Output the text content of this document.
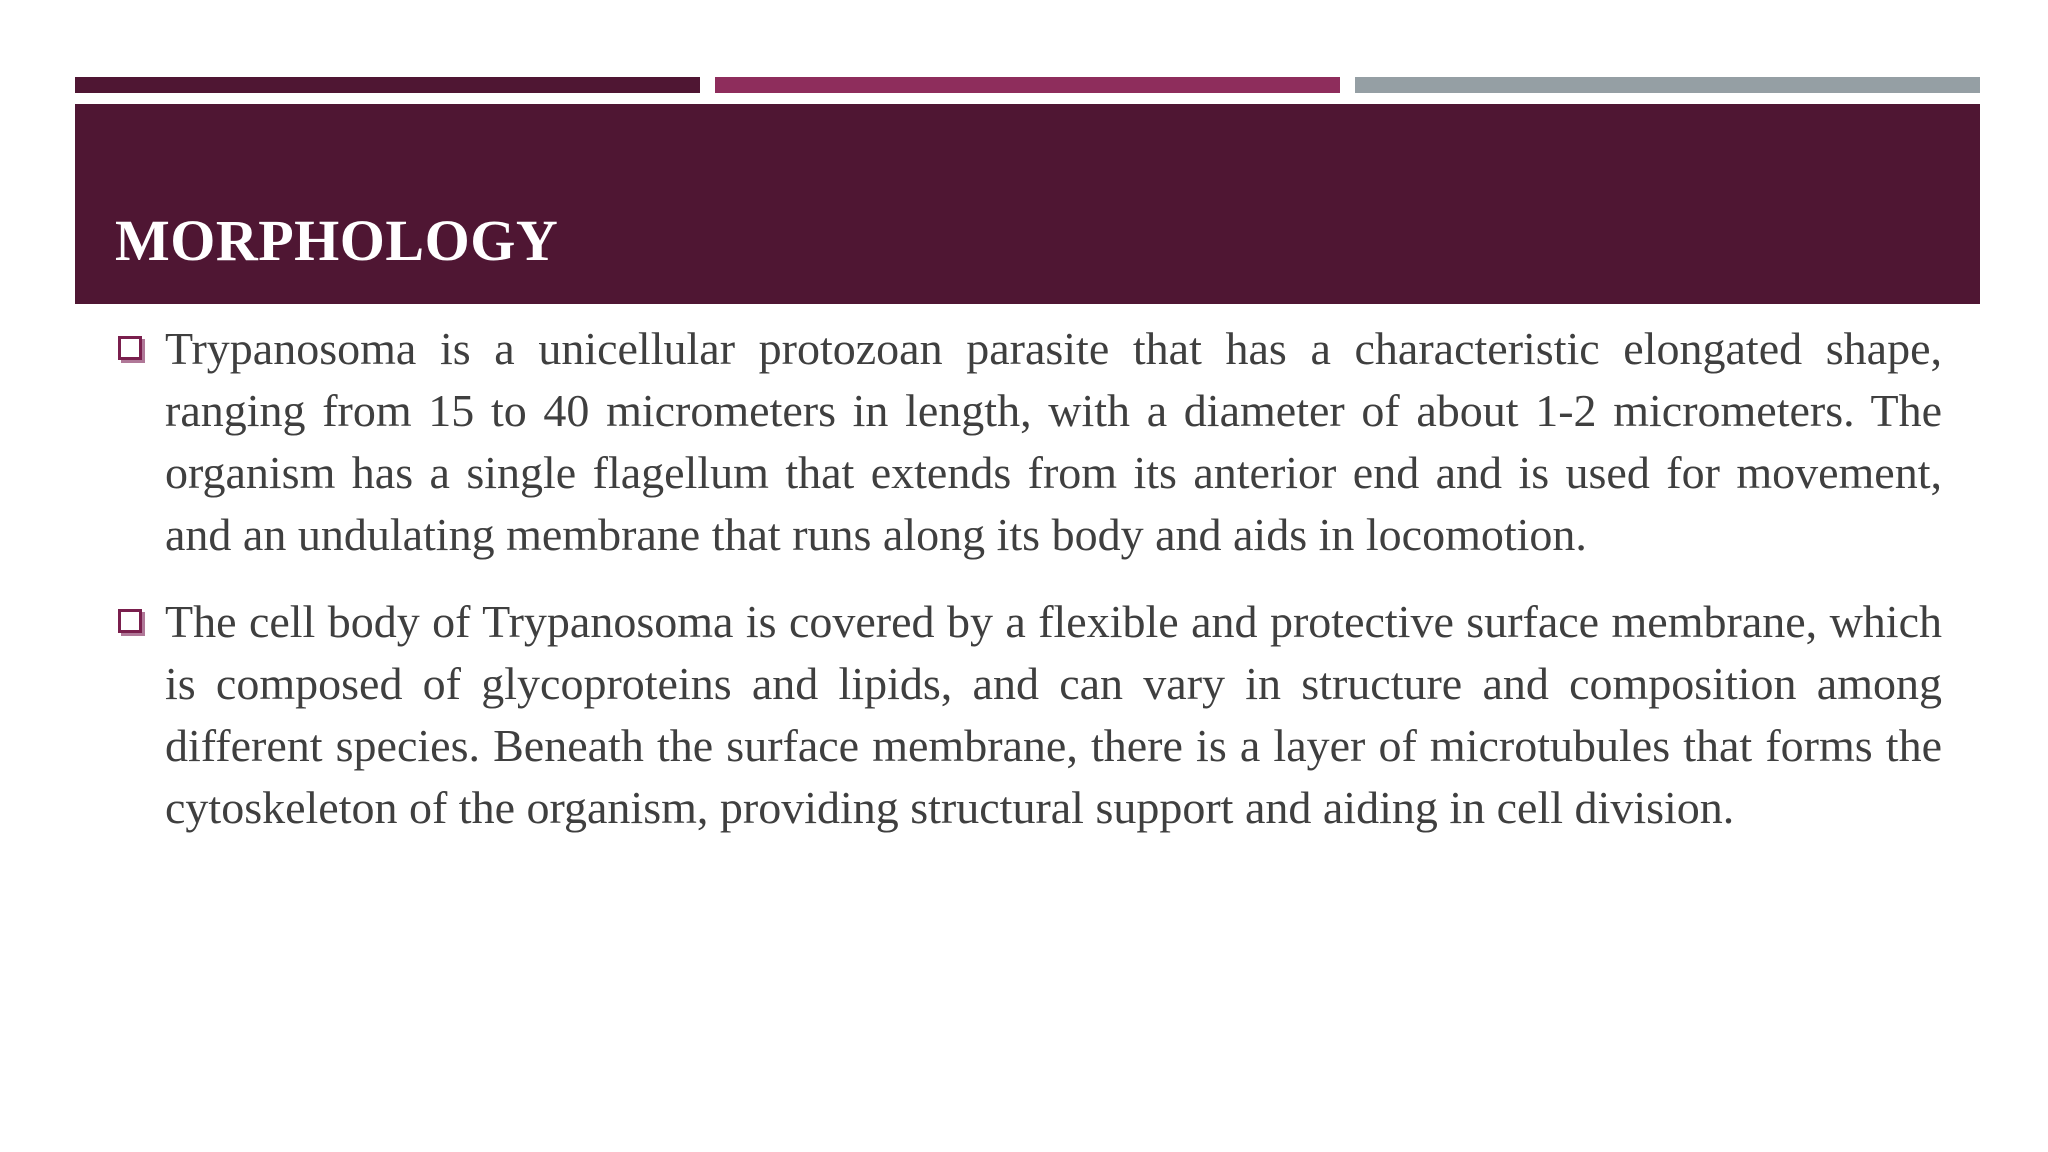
MORPHOLOGY
Trypanosoma is a unicellular protozoan parasite that has a characteristic elongated shape, ranging from 15 to 40 micrometers in length, with a diameter of about 1-2 micrometers. The organism has a single flagellum that extends from its anterior end and is used for movement, and an undulating membrane that runs along its body and aids in locomotion.
The cell body of Trypanosoma is covered by a flexible and protective surface membrane, which is composed of glycoproteins and lipids, and can vary in structure and composition among different species. Beneath the surface membrane, there is a layer of microtubules that forms the cytoskeleton of the organism, providing structural support and aiding in cell division.
